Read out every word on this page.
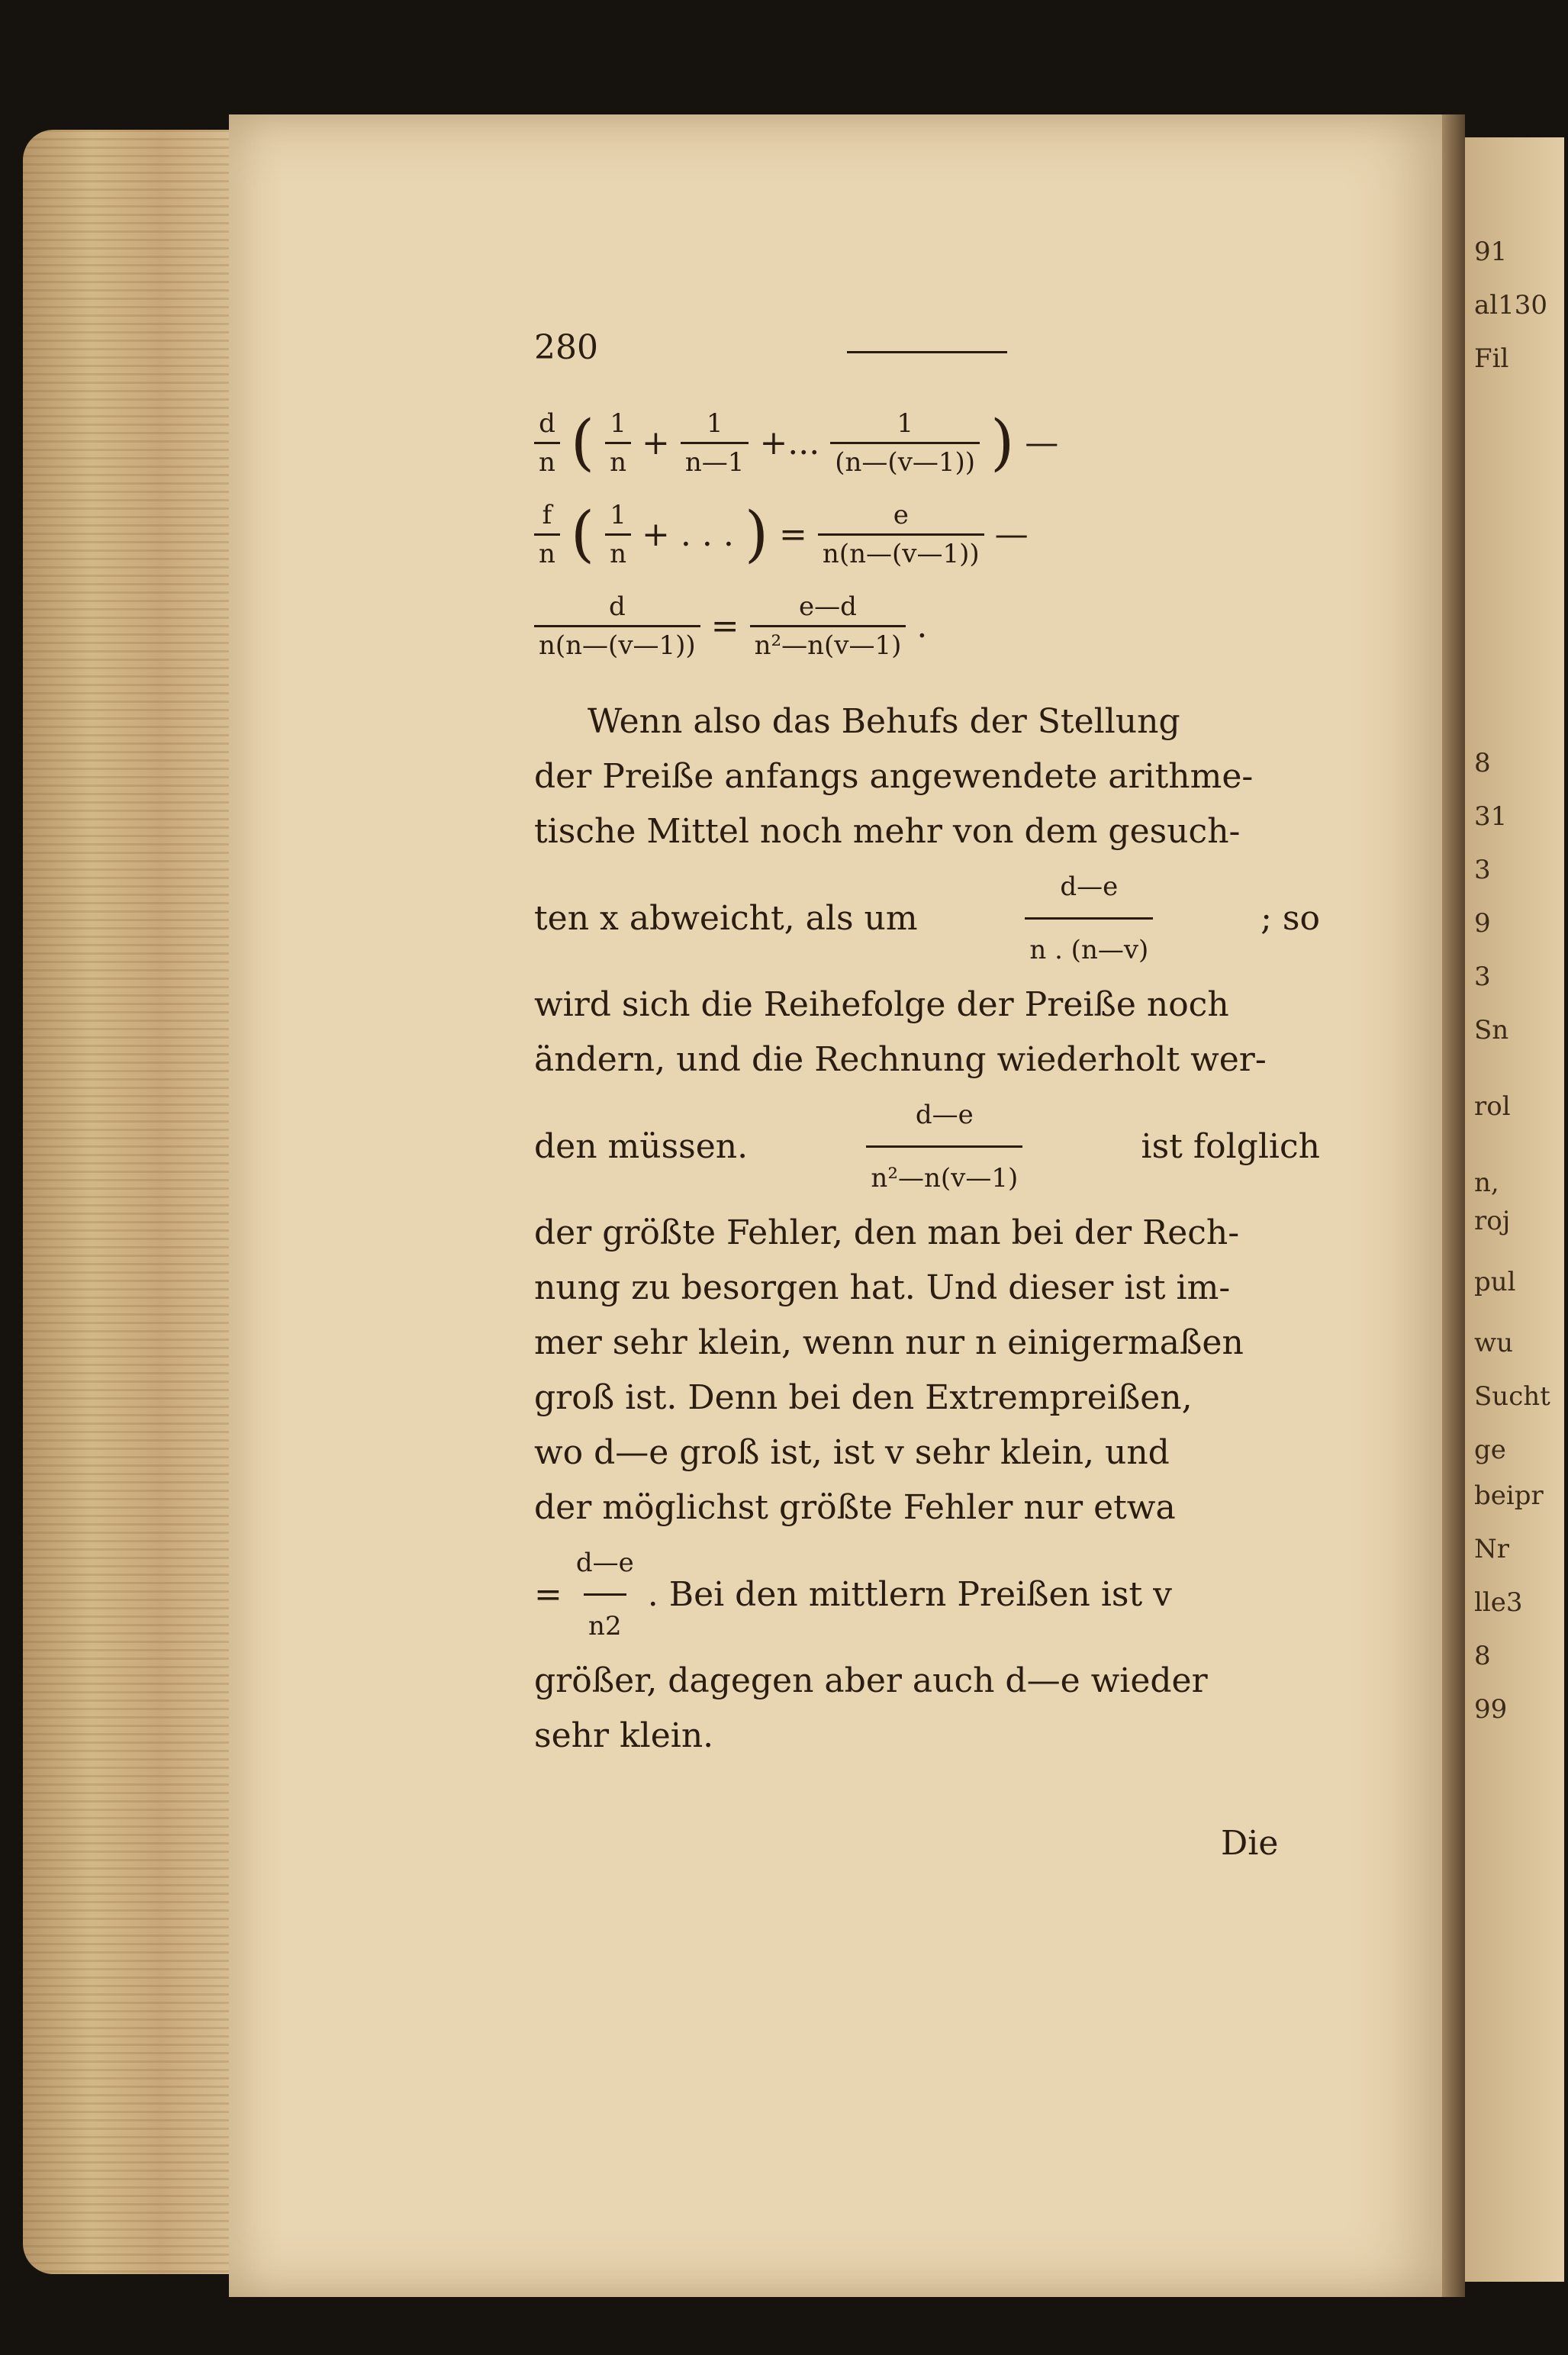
91
al130
Fil
8
31
3
9
3
Sn
rol
n,
roj
pul
wu
Sucht
ge
beipr
Nr
lle3
8
99
280
$\frac{d}{n}$ ( $\frac{1}{n} + \frac{1}{n—1}$ +... $\frac{1}{(n—(v—1))}$ ) —
$\frac{f}{n}$ ( $\frac{1}{n}$ + . . . ) = $\frac{e}{n(n—(v—1))}$ —
$\frac{d}{n(n—(v—1))} = \frac{e—d}{\text{n²—n(v—1)}}$ .
Wenn also das Behufs der Stellung
der Preiße anfangs angewendete arithme-
tische Mittel noch mehr von dem gesuch-
ten x abweicht, als um	$\frac{d—e}{n . (n—v)}$	; so
wird sich die Reihefolge der Preiße noch
ändern, und die Rechnung wiederholt wer-
den müssen.	$\frac{d—e}{\text{n²—n(v—1)}}$	ist folglich
der größte Fehler, den man bei der Rech-
nung zu besorgen hat. Und dieser ist im-
mer sehr klein, wenn nur n einigermaßen
groß ist. Denn bei den Extrempreißen,
wo d—e groß ist, ist v sehr klein, und
der möglichst größte Fehler nur etwa
= $\frac{d—e}{n2}$ . Bei den mittlern Preißen ist v
größer, dagegen aber auch d—e wieder
sehr klein.
Die
